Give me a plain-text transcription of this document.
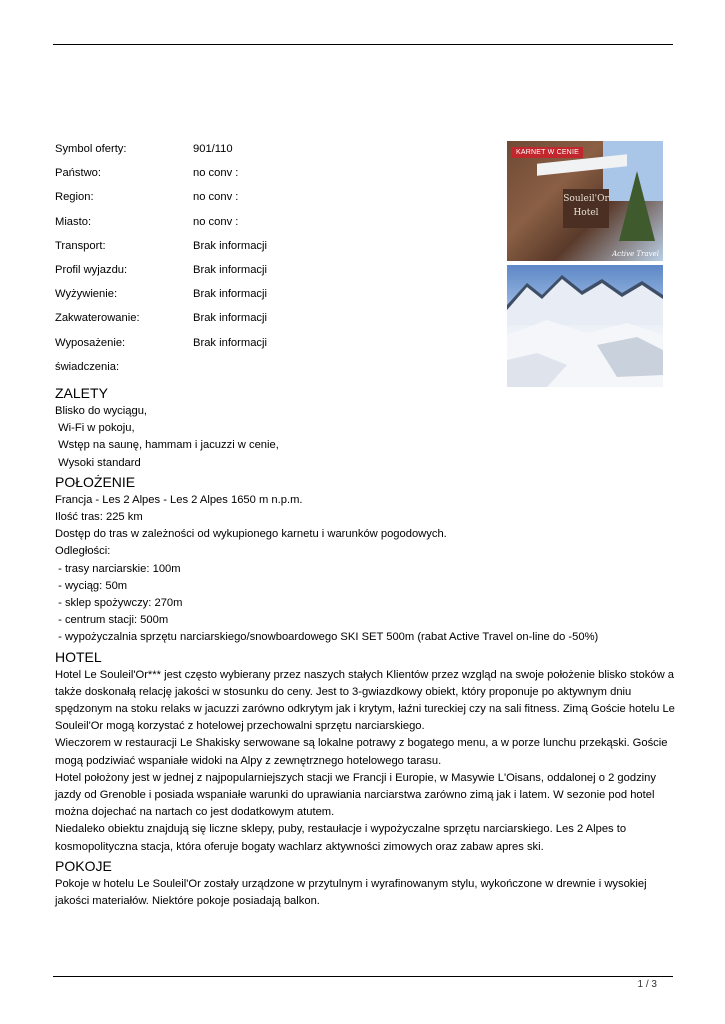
Symbol oferty:	901/110
Państwo:	no conv :
Region:	no conv :
Miasto:	no conv :
Transport:	Brak informacji
Profil wyjazdu:	Brak informacji
Wyżywienie:	Brak informacji
Zakwaterowanie:	Brak informacji
Wyposażenie:	Brak informacji
świadczenia:
Souleil'Or
Hotel
KARNET W CENIE
Active Travel
ZALETY

Blisko do wyciągu,

Wi-Fi w pokoju,

Wstęp na saunę, hammam i jacuzzi w cenie,

Wysoki standard

POŁOŻENIE

Francja - Les 2 Alpes - Les 2 Alpes 1650 m n.p.m.

Ilość tras: 225 km

Dostęp do tras w zależności od wykupionego karnetu i warunków pogodowych.

Odległości:

- trasy narciarskie: 100m

- wyciąg: 50m

- sklep spożywczy: 270m

- centrum stacji: 500m

- wypożyczalnia sprzętu narciarskiego/snowboardowego SKI SET 500m (rabat Active Travel on-line do -50%)

HOTEL

Hotel Le Souleil'Or*** jest często wybierany przez naszych stałych Klientów przez wzgląd na swoje położenie blisko stoków a także doskonałą relację jakości w stosunku do ceny. Jest to 3-gwiazdkowy obiekt, który proponuje po aktywnym dniu spędzonym na stoku relaks w jacuzzi zarówno odkrytym jak i krytym, łaźni tureckiej czy na sali fitness. Zimą Goście hotelu Le Souleil'Or mogą korzystać z hotelowej przechowalni sprzętu narciarskiego.

Wieczorem w restauracji Le Shakisky serwowane są lokalne potrawy z bogatego menu, a w porze lunchu przekąski. Goście mogą podziwiać wspaniałe widoki na Alpy z zewnętrznego hotelowego tarasu.

Hotel położony jest w jednej z najpopularniejszych stacji we Francji i Europie, w Masywie L'Oisans, oddalonej o 2 godziny jazdy od Grenoble i posiada wspaniałe warunki do uprawiania narciarstwa zarówno zimą jak i latem. W sezonie pod hotel można dojechać na nartach co jest dodatkowym atutem.

Niedaleko obiektu znajdują się liczne sklepy, puby, restaułacje i wypożyczalne sprzętu narciarskiego. Les 2 Alpes to kosmopolityczna stacja, która oferuje bogaty wachlarz aktywności zimowych oraz zabaw apres ski.

POKOJE

Pokoje w hotelu Le Souleil'Or zostały urządzone w przytulnym i wyrafinowanym stylu, wykończone w drewnie i wysokiej jakości materiałów. Niektóre pokoje posiadają balkon.

1 / 3
